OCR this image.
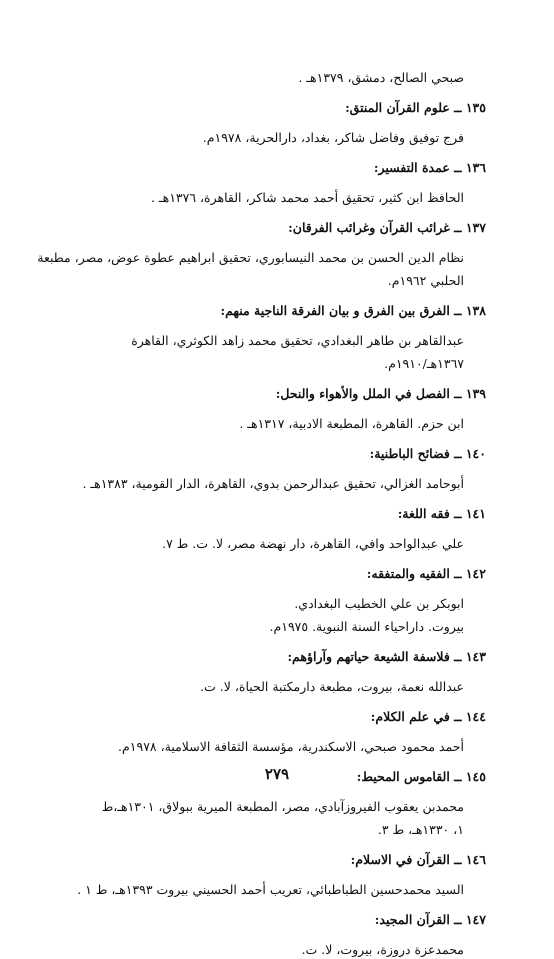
صبحي الصالح، دمشق، ١٣٧٩هـ .
١٣٥ ــ علوم القرآن المنتق:
فرج توفيق وفاضل شاكر، بغداد، دارالحرية، ١٩٧٨م.
١٣٦ ــ عمدة التفسير:
الحافظ ابن كثير، تحقيق أحمد محمد شاكر، القاهرة، ١٣٧٦هـ .
١٣٧ ــ غرائب القرآن وغرائب الفرقان:
نظام الدين الحسن بن محمد النيسابوري، تحقيق ابراهيم عطوة عوض، مصر، مطبعة
الحلبي ١٩٦٢م.
١٣٨ ــ الفرق بين الفرق و بيان الفرقة الناجية منهم:
عبدالقاهر بن طاهر البغدادي، تحقيق محمد زاهد الكوثري، القاهرة
١٣٦٧هـ/١٩١٠م.
١٣٩ ــ الفصل في الملل والأهواء والنحل:
ابن حزم. القاهرة، المطبعة الادبية، ١٣١٧هـ .
١٤٠ ــ فضائح الباطنية:
أبوحامد الغزالي، تحقيق عبدالرحمن بدوي، القاهرة، الدار القومية، ١٣٨٣هـ .
١٤١ ــ فقه اللغة:
علي عبدالواحد وافي، القاهرة، دار نهضة مصر، لا. ت. ط ٧.
١٤٢ ــ الفقيه والمتفقه:
ابوبكر بن علي الخطيب البغدادي.
بيروت. داراحياء السنة النبوية. ١٩٧٥م.
١٤٣ ــ فلاسفة الشيعة حياتهم وآراؤهم:
عبدالله نعمة، بيروت، مطبعة دارمكتبة الحياة، لا. ت.
١٤٤ ــ في علم الكلام:
أحمد محمود صبحي، الاسكندرية، مؤسسة الثقافة الاسلامية، ١٩٧٨م.
١٤٥ ــ القاموس المحيط:
محمدبن يعقوب الفيروزآبادي، مصر، المطبعة الميرية ببولاق، ١٣٠١هـ،ط
١، ١٣٣٠هـ، ط ٣.
١٤٦ ــ القرآن في الاسلام:
السيد محمدحسين الطباطبائي، تعريب أحمد الحسيني بيروت ١٣٩٣هـ، ط ١ .
١٤٧ ــ القرآن المجيد:
محمدعزة دروزة، بيروت، لا. ت.
٢٧٩
